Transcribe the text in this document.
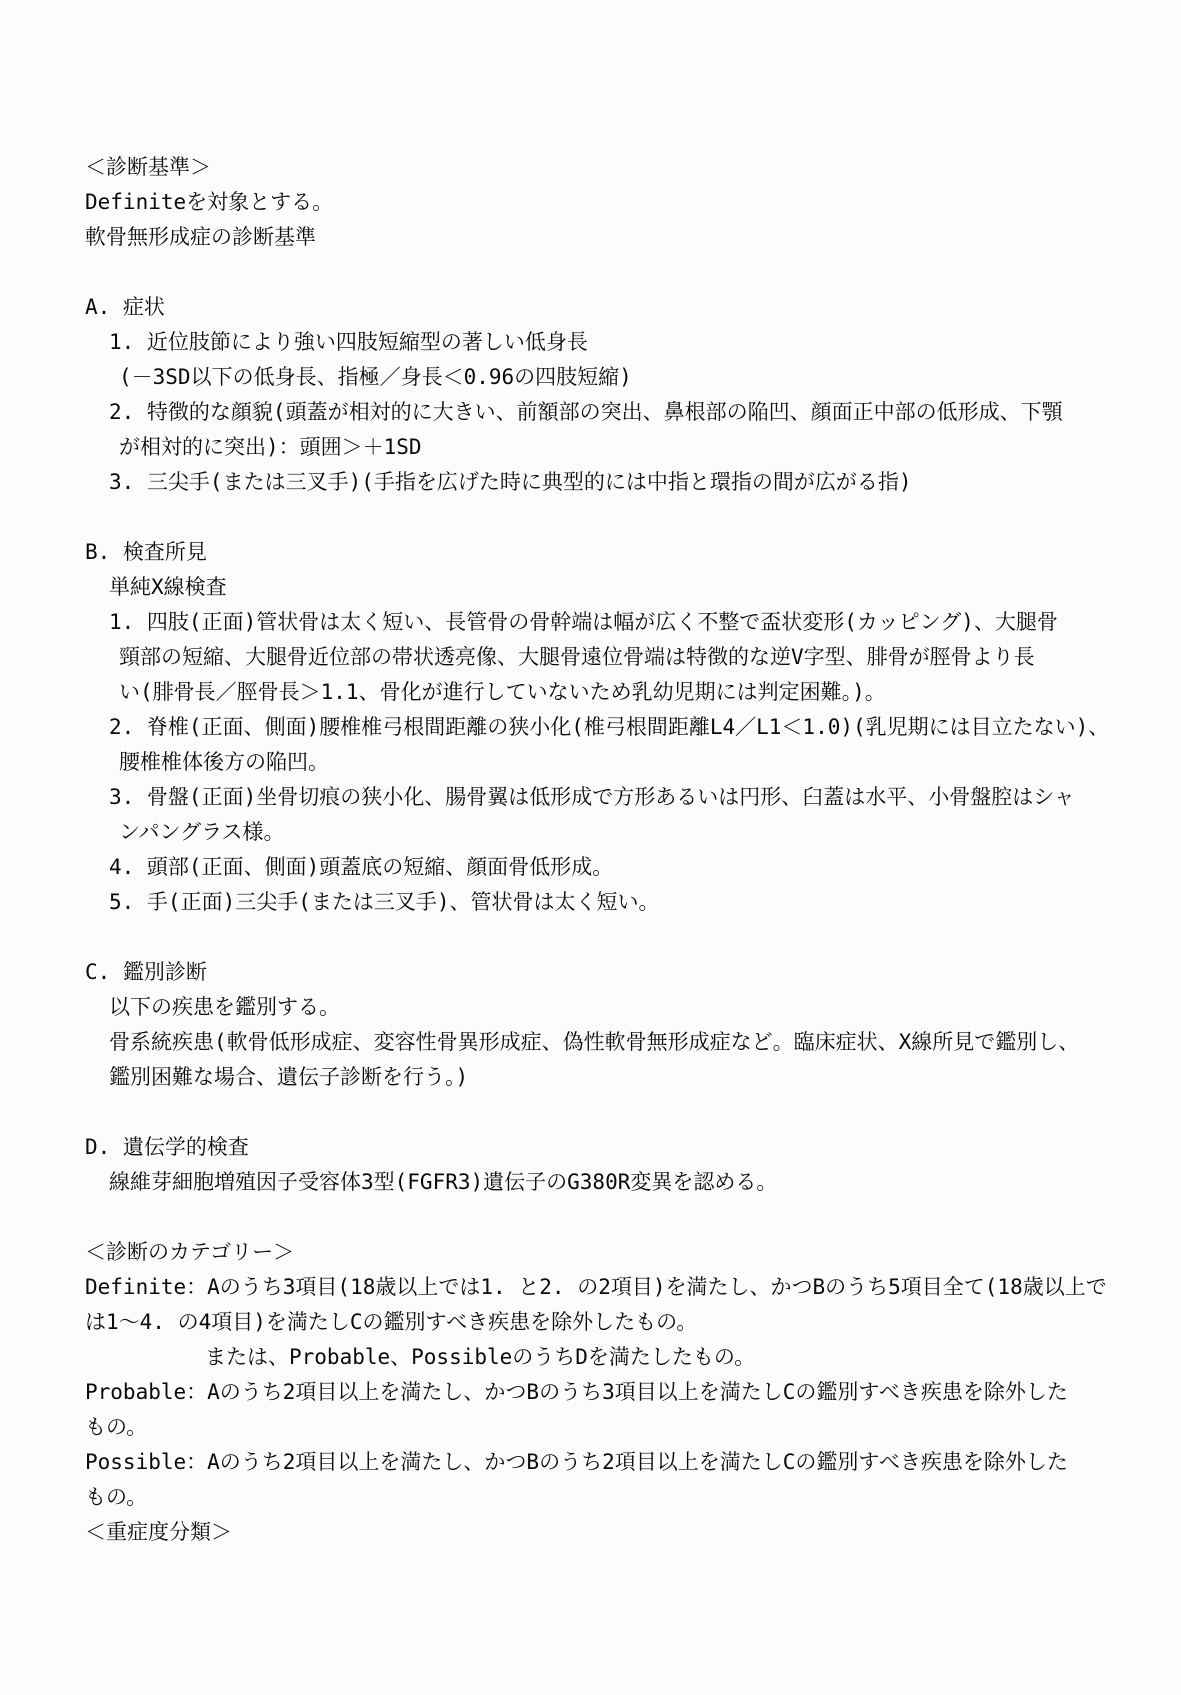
＜診断基準＞
Definiteを対象とする。
軟骨無形成症の診断基準
A. 症状
1. 近位肢節により強い四肢短縮型の著しい低身長
(－3SD以下の低身長、指極／身長＜0.96の四肢短縮)
2. 特徴的な顔貌(頭蓋が相対的に大きい、前額部の突出、鼻根部の陥凹、顔面正中部の低形成、下顎
が相対的に突出)：頭囲＞＋1SD
3. 三尖手(または三叉手)(手指を広げた時に典型的には中指と環指の間が広がる指)
B. 検査所見
単純X線検査
1. 四肢(正面)管状骨は太く短い、長管骨の骨幹端は幅が広く不整で盃状変形(カッピング)、大腿骨
頸部の短縮、大腿骨近位部の帯状透亮像、大腿骨遠位骨端は特徴的な逆V字型、腓骨が脛骨より長
い(腓骨長／脛骨長＞1.1、骨化が進行していないため乳幼児期には判定困難。)。
2. 脊椎(正面、側面)腰椎椎弓根間距離の狭小化(椎弓根間距離L4／L1＜1.0)(乳児期には目立たない)、
腰椎椎体後方の陥凹。
3. 骨盤(正面)坐骨切痕の狭小化、腸骨翼は低形成で方形あるいは円形、臼蓋は水平、小骨盤腔はシャ
ンパングラス様。
4. 頭部(正面、側面)頭蓋底の短縮、顔面骨低形成。
5. 手(正面)三尖手(または三叉手)、管状骨は太く短い。
C. 鑑別診断
以下の疾患を鑑別する。
骨系統疾患(軟骨低形成症、変容性骨異形成症、偽性軟骨無形成症など。臨床症状、X線所見で鑑別し、
鑑別困難な場合、遺伝子診断を行う。)
D. 遺伝学的検査
線維芽細胞増殖因子受容体3型(FGFR3)遺伝子のG380R変異を認める。
＜診断のカテゴリー＞
Definite：Aのうち3項目(18歳以上では1. と2. の2項目)を満たし、かつBのうち5項目全て(18歳以上で
は1～4. の4項目)を満たしCの鑑別すべき疾患を除外したもの。
または、Probable、PossibleのうちDを満たしたもの。
Probable：Aのうち2項目以上を満たし、かつBのうち3項目以上を満たしCの鑑別すべき疾患を除外した
もの。
Possible：Aのうち2項目以上を満たし、かつBのうち2項目以上を満たしCの鑑別すべき疾患を除外した
もの。
＜重症度分類＞
